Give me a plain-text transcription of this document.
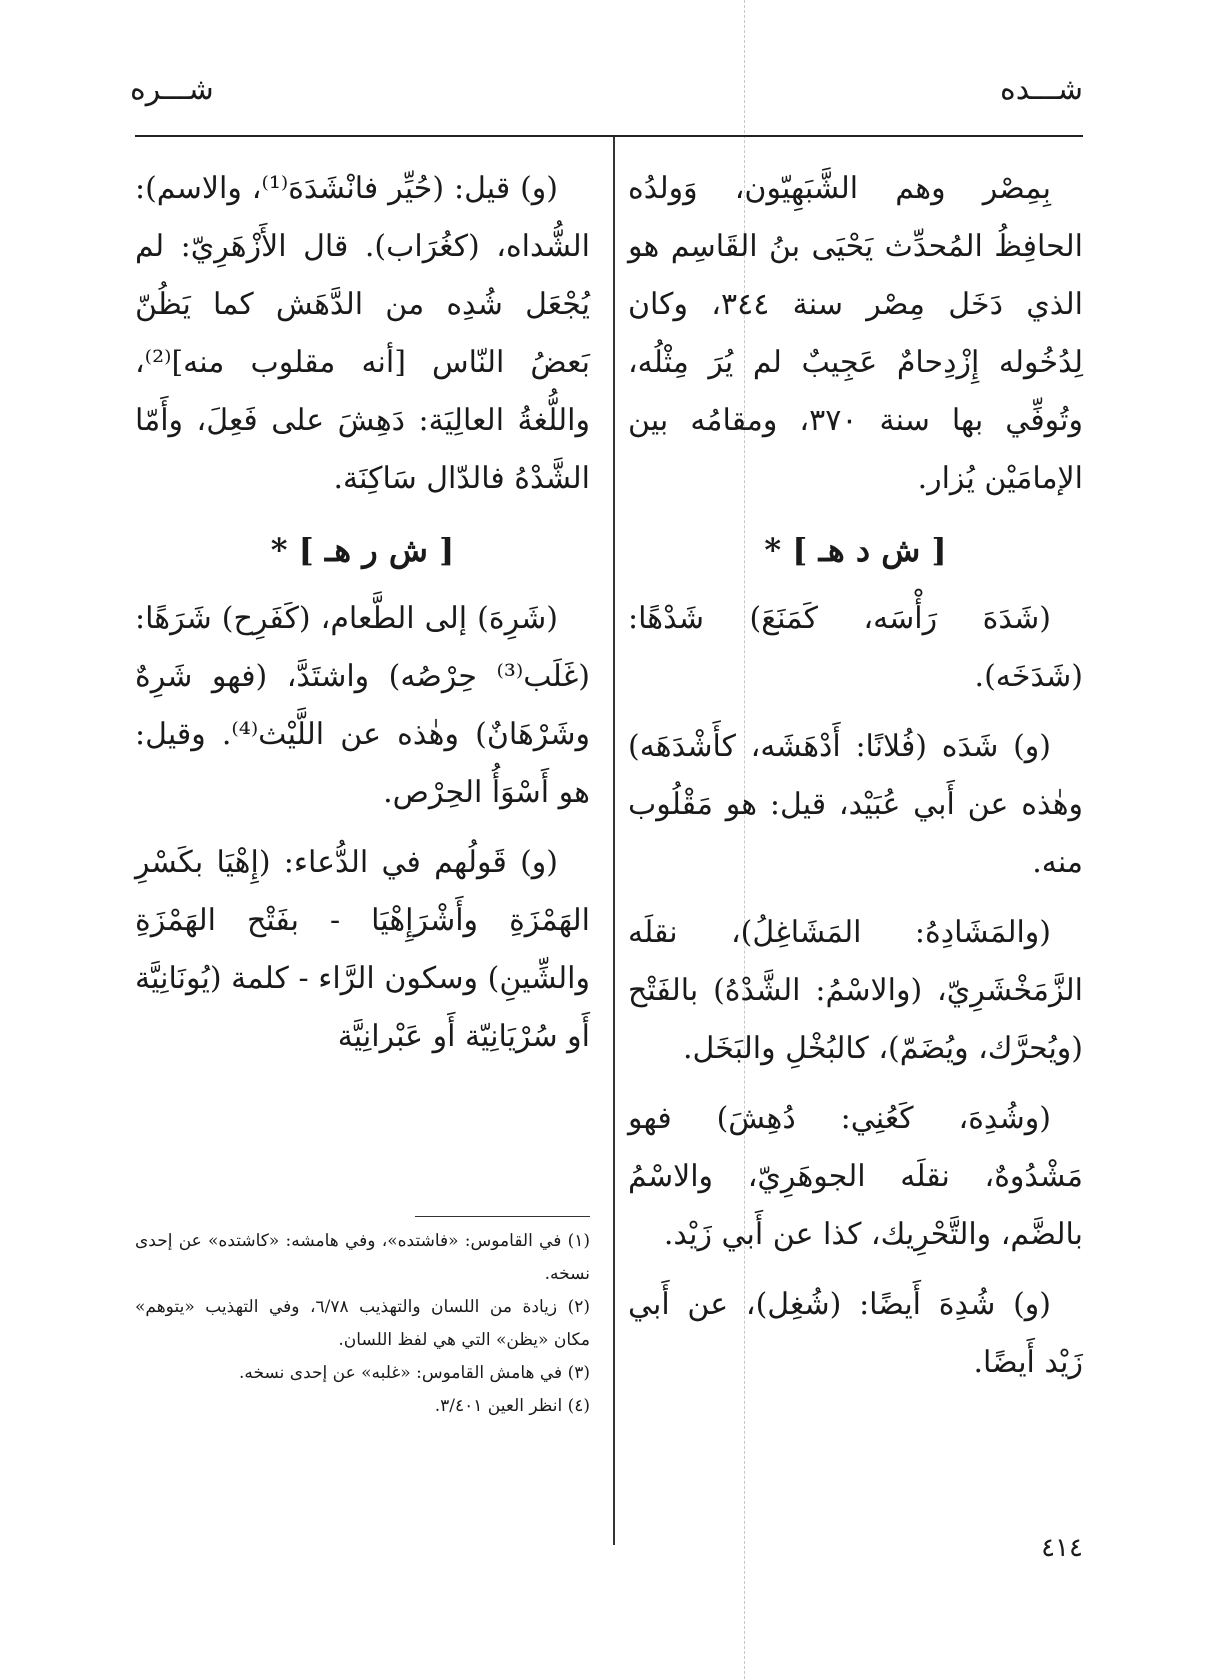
شـــده
شـــره

بِمِصْر وهم الشَّبَهِيّون، وَولدُه الحافِظُ المُحدِّث يَحْيَى بنُ القَاسِم هو الذي دَخَل مِصْر سنة ٣٤٤، وكان لِدُخُوله إِزْدِحامٌ عَجِيبٌ لم يُرَ مِثْلُه، وتُوفِّي بها سنة ٣٧٠، ومقامُه بين الإمامَيْن يُزار.

[ ش د هـ ] *

(شَدَهَ رَأْسَه، كَمَنَعَ) شَدْهًا: (شَدَخَه).

(و) شَدَه (فُلانًا: أَدْهَشَه، كأَشْدَهَه) وهٰذه عن أَبي عُبَيْد، قيل: هو مَقْلُوب منه.

(والمَشَادِهُ: المَشَاغِلُ)، نقلَه الزَّمَخْشَرِيّ، (والاسْمُ: الشَّدْهُ) بالفَتْح (ويُحرَّك، ويُضَمّ)، كالبُخْلِ والبَخَل.

(وشُدِهَ، كَعُنِي: دُهِشَ) فهو مَشْدُوهٌ، نقلَه الجوهَرِيّ، والاسْمُ بالضَّم، والتَّحْرِيك، كذا عن أَبي زَيْد.

(و) شُدِهَ أَيضًا: (شُغِل)، عن أَبي زَيْد أَيضًا.

(و) قيل: (حُيِّر فانْشَدَهَ⁽¹⁾، والاسم): الشُّداه، (كغُرَاب). قال الأَزْهَرِيّ: لم يُجْعَل شُدِه من الدَّهَش كما يَظُنّ بَعضُ النّاس [أنه مقلوب منه]⁽²⁾، واللُّغةُ العالِيَة: دَهِشَ على فَعِلَ، وأَمّا الشَّدْهُ فالدّال سَاكِنَة.

[ ش ر هـ ] *

(شَرِهَ) إلى الطَّعام، (كَفَرِح) شَرَهًا: (غَلَب⁽³⁾ حِرْصُه) واشتَدَّ، (فهو شَرِهٌ وشَرْهَانٌ) وهٰذه عن اللَّيْث⁽⁴⁾. وقيل: هو أَسْوَأُ الحِرْص.

(و) قَولُهم في الدُّعاء: (إِهْيَا بكَسْرِ الهَمْزَةِ وأَشْرَإِهْيَا - بفَتْح الهَمْزَةِ والشِّينِ) وسكون الرَّاء - كلمة (يُونَانِيَّة أَو سُرْيَانِيّة أَو عَبْرانِيَّة

(١) في القاموس: «فاشتده»، وفي هامشه: «كاشتده» عن إحدى نسخه.
(٢) زيادة من اللسان والتهذيب ٦/٧٨، وفي التهذيب «يتوهم» مكان «يظن» التي هي لفظ اللسان.
(٣) في هامش القاموس: «غلبه» عن إحدى نسخه.
(٤) انظر العين ٣/٤٠١.
٤١٤
